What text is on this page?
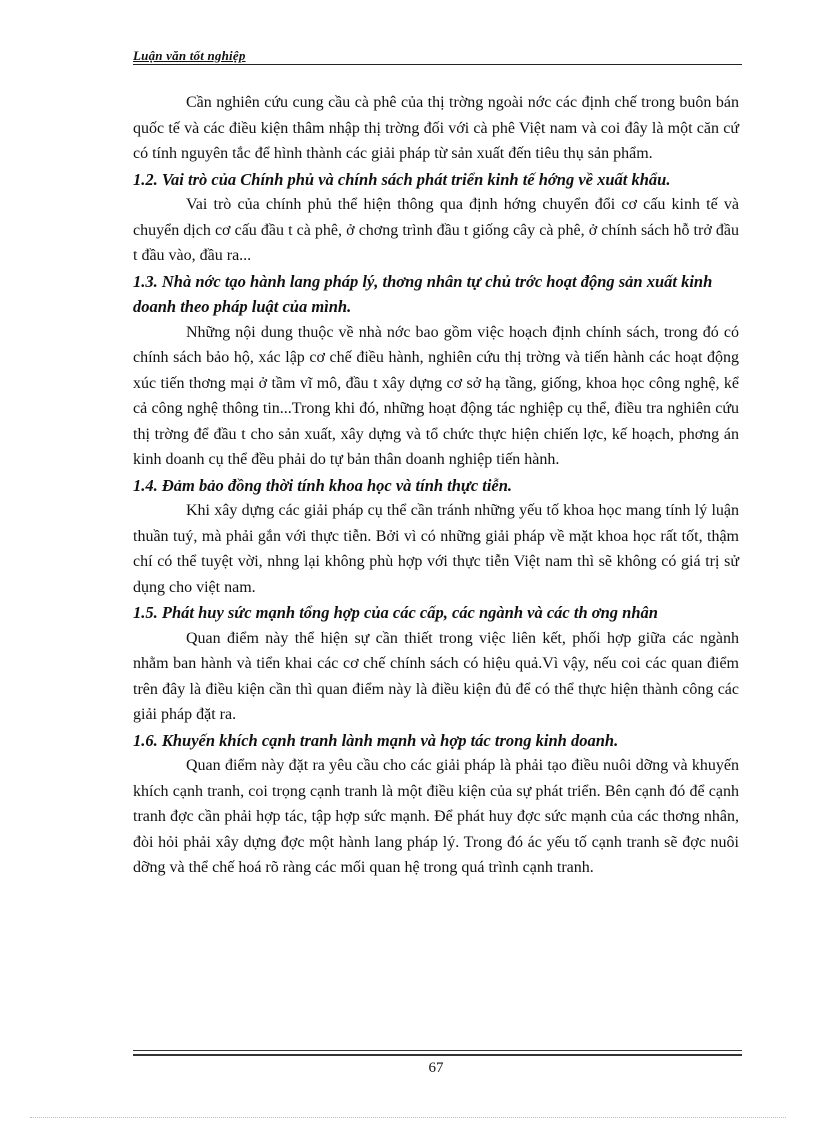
Luận văn tốt nghiệp

Cần nghiên cứu cung cầu cà phê của thị trờng ngoài nớc các định chế trong buôn bán quốc tế và các điều kiện thâm nhập thị trờng đối với cà phê Việt nam và coi đây là một căn cứ có tính nguyên tắc để hình thành các giải pháp từ sản xuất đến tiêu thụ sản phẩm.

1.2. Vai trò của Chính phủ và chính sách phát triển kinh tế hớng về xuất khẩu.

Vai trò của chính phủ thể hiện thông qua định hớng chuyển đổi cơ cấu kinh tế và chuyển dịch cơ cấu đầu t cà phê, ở chơng trình đầu t giống cây cà phê, ở chính sách hỗ trở đầu t đầu vào, đầu ra...

1.3. Nhà nớc tạo hành lang pháp lý, thơng nhân tự chủ trớc hoạt động sản xuất kinh doanh theo pháp luật của mình.

Những nội dung thuộc về nhà nớc bao gồm việc hoạch định chính sách, trong đó có chính sách bảo hộ, xác lập cơ chế điều hành, nghiên cứu thị trờng và tiến hành các hoạt động xúc tiến thơng mại ở tầm vĩ mô, đầu t xây dựng cơ sở hạ tầng, giống, khoa học công nghệ, kể cả công nghệ thông tin...Trong khi đó, những hoạt động tác nghiệp cụ thể, điều tra nghiên cứu thị trờng để đầu t cho sản xuất, xây dựng và tổ chức thực hiện chiến lợc, kế hoạch, phơng án kinh doanh cụ thể đều phải do tự bản thân doanh nghiệp tiến hành.

1.4. Đảm bảo đồng thời tính khoa học và tính thực tiễn.

Khi xây dựng các giải pháp cụ thể cần tránh những yếu tố khoa học mang tính lý luận thuần tuý, mà phải gắn với thực tiễn. Bởi vì có những giải pháp về mặt khoa học rất tốt, thậm chí có thể tuyệt vời, nhng lại không phù hợp với thực tiễn Việt nam thì sẽ không có giá trị sử dụng cho việt nam.

1.5. Phát huy sức mạnh tổng hợp của các cấp, các ngành và các th ơng nhân

Quan điểm này thể hiện sự cần thiết trong việc liên kết, phối hợp giữa các ngành nhằm ban hành và tiển khai các cơ chế chính sách có hiệu quả.Vì vậy, nếu coi các quan điểm trên đây là điều kiện cần thì quan điểm này là điều kiện đủ để có thể thực hiện thành công các giải pháp đặt ra.

1.6. Khuyến khích cạnh tranh lành mạnh và hợp tác trong kinh doanh.

Quan điểm này đặt ra yêu cầu cho các giải pháp là phải tạo điều nuôi dỡng và khuyến khích cạnh tranh, coi trọng cạnh tranh là một điều kiện của sự phát triển. Bên cạnh đó để cạnh tranh đợc cần phải hợp tác, tập hợp sức mạnh. Để phát huy đợc sức mạnh của các thơng nhân, đòi hỏi phải xây dựng đợc một hành lang pháp lý. Trong đó ác yếu tố cạnh tranh sẽ đợc nuôi dỡng và thể chế hoá rõ ràng các mối quan hệ trong quá trình cạnh tranh.

67
